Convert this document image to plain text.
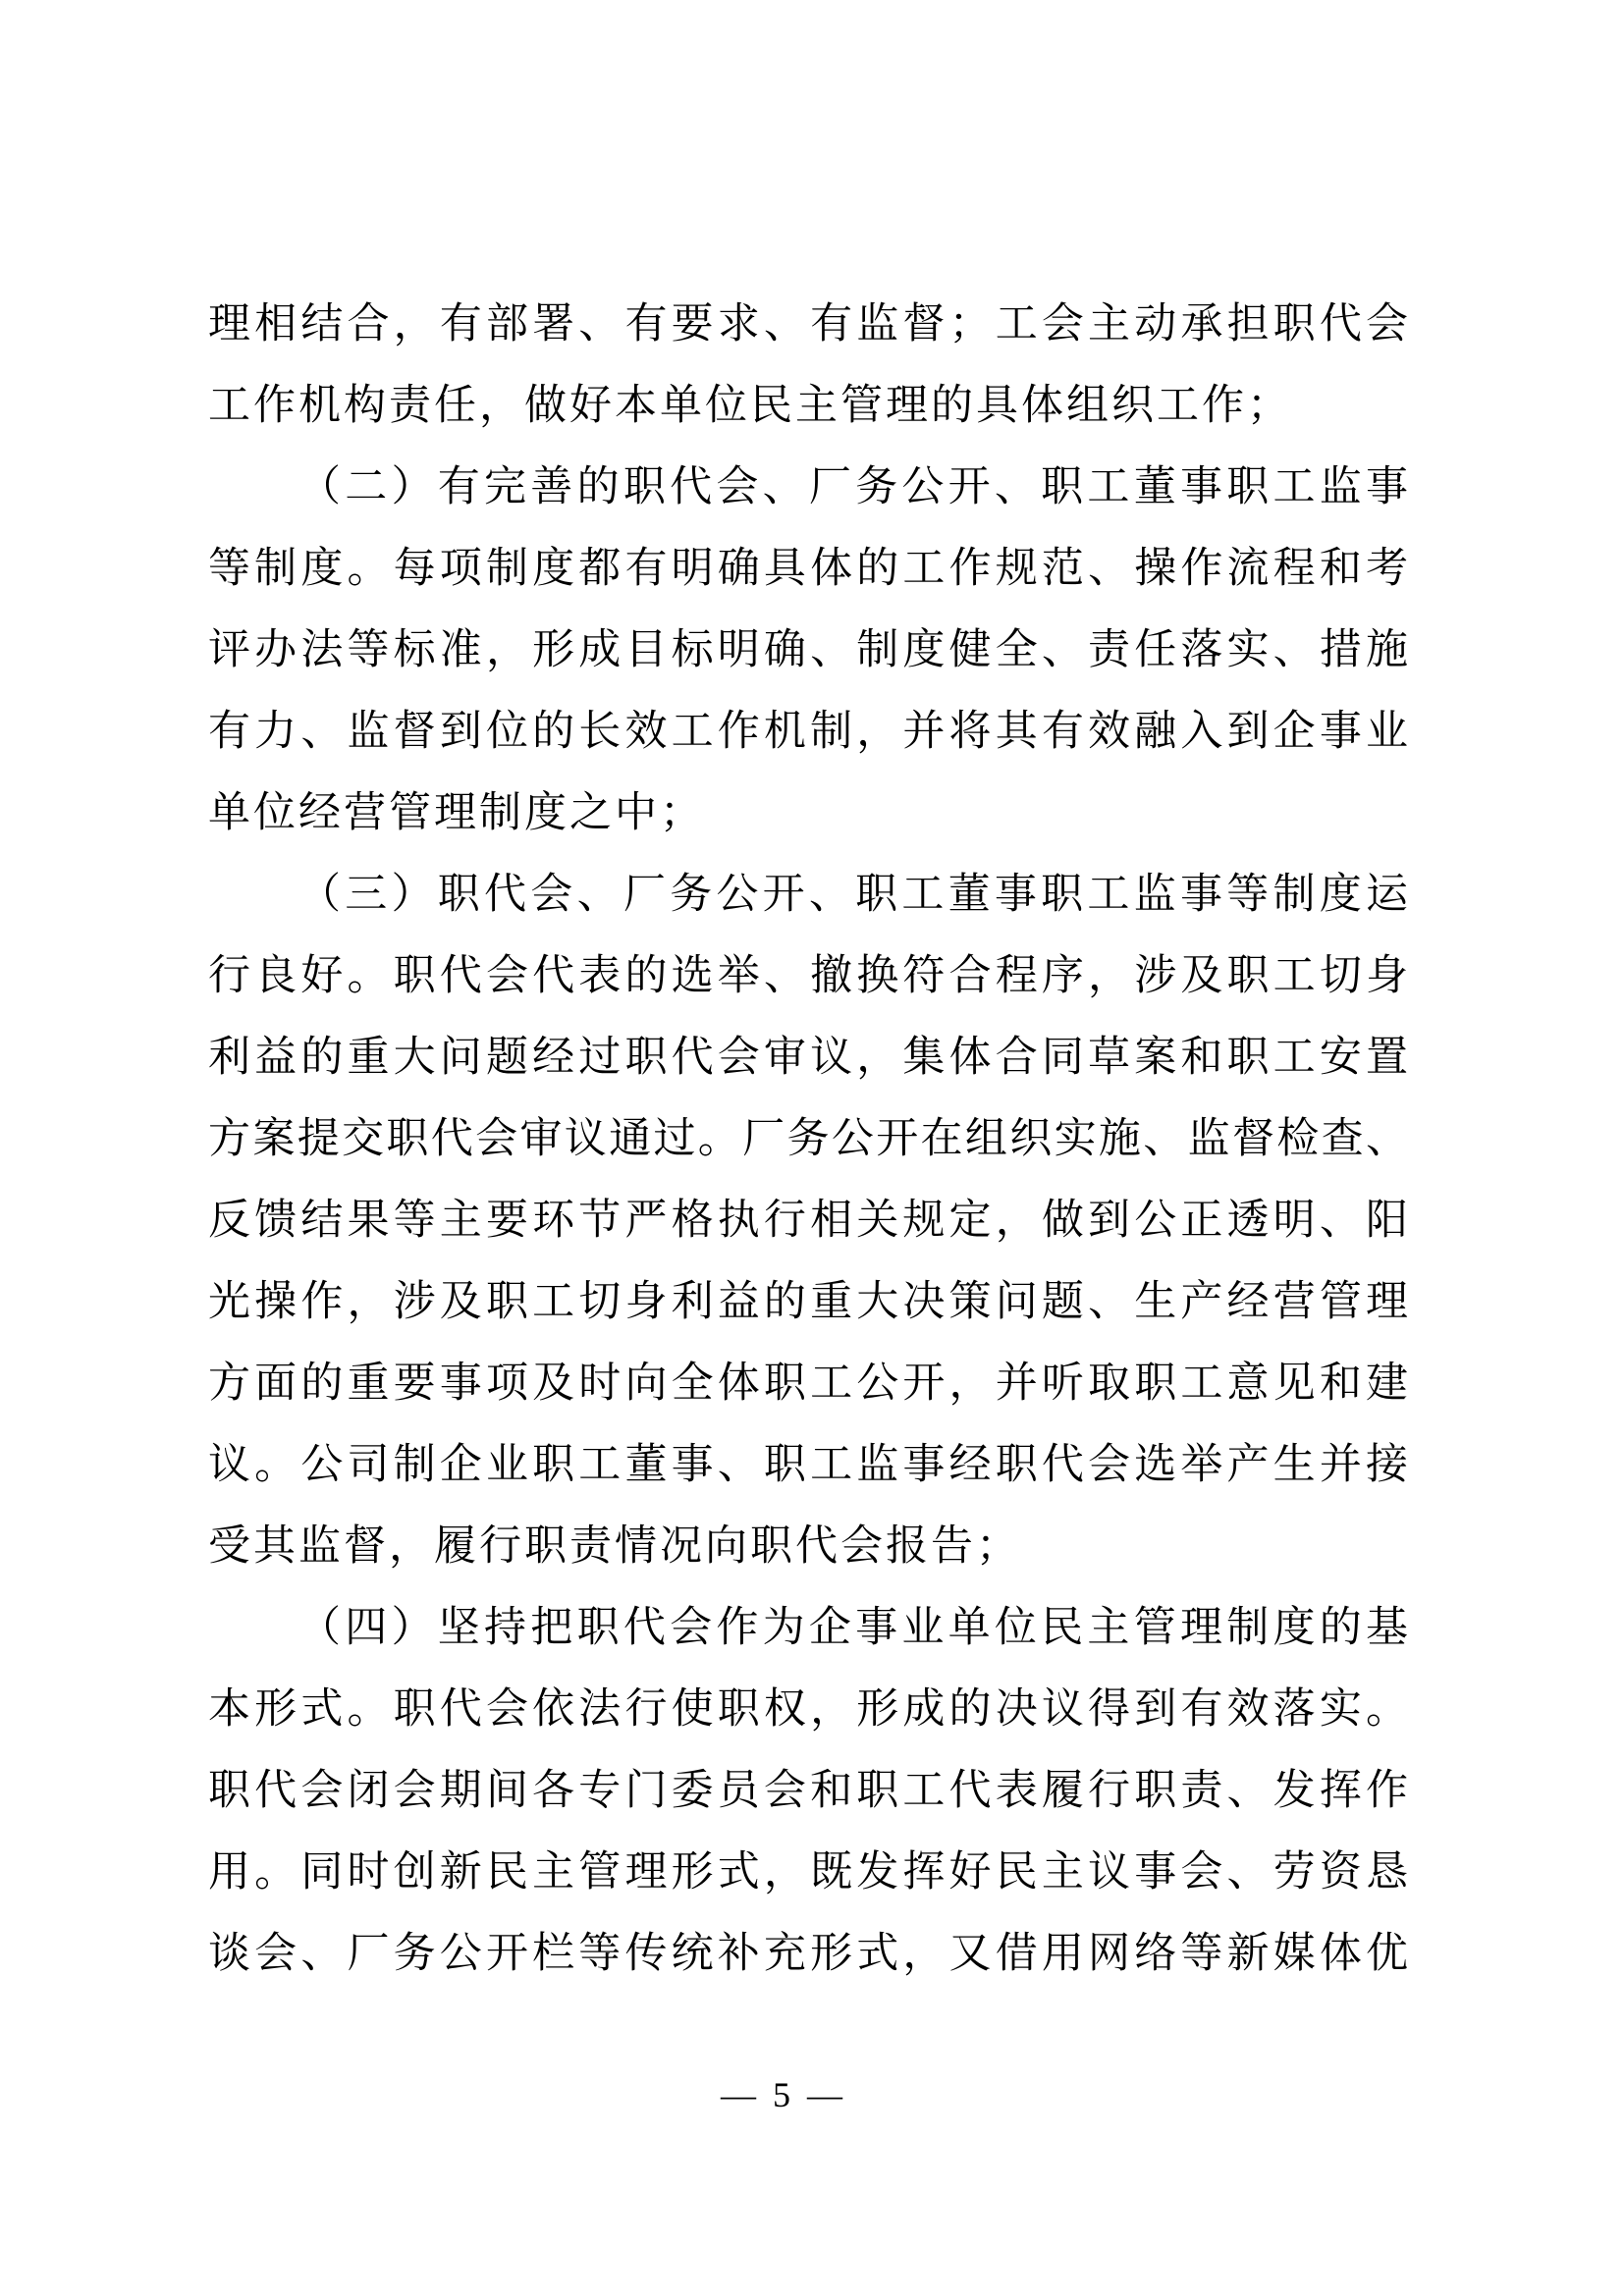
理相结合，有部署、有要求、有监督；工会主动承担职代会
工作机构责任，做好本单位民主管理的具体组织工作；
（二）有完善的职代会、厂务公开、职工董事职工监事
等制度。每项制度都有明确具体的工作规范、操作流程和考
评办法等标准，形成目标明确、制度健全、责任落实、措施
有力、监督到位的长效工作机制，并将其有效融入到企事业
单位经营管理制度之中；
（三）职代会、厂务公开、职工董事职工监事等制度运
行良好。职代会代表的选举、撤换符合程序，涉及职工切身
利益的重大问题经过职代会审议，集体合同草案和职工安置
方案提交职代会审议通过。厂务公开在组织实施、监督检查、
反馈结果等主要环节严格执行相关规定，做到公正透明、阳
光操作，涉及职工切身利益的重大决策问题、生产经营管理
方面的重要事项及时向全体职工公开，并听取职工意见和建
议。公司制企业职工董事、职工监事经职代会选举产生并接
受其监督，履行职责情况向职代会报告；
（四）坚持把职代会作为企事业单位民主管理制度的基
本形式。职代会依法行使职权，形成的决议得到有效落实。
职代会闭会期间各专门委员会和职工代表履行职责、发挥作
用。同时创新民主管理形式，既发挥好民主议事会、劳资恳
谈会、厂务公开栏等传统补充形式，又借用网络等新媒体优
— 5 —
